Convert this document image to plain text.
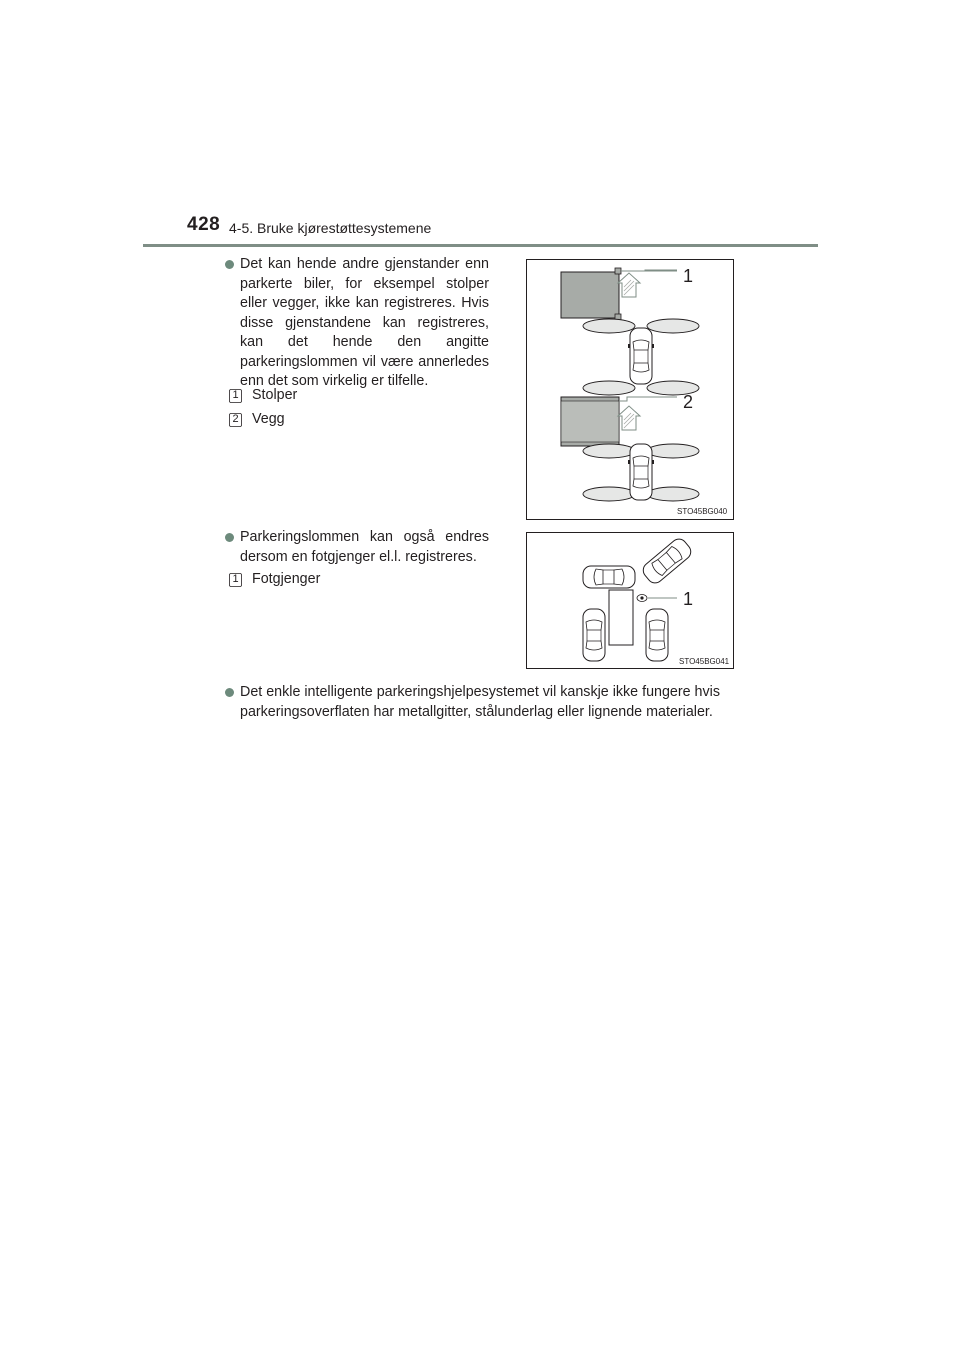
428 4-5. Bruke kjørestøttesystemene

Det kan hende andre gjenstander enn parkerte biler, for eksempel stolper eller vegger, ikke kan registreres. Hvis disse gjenstandene kan registreres, kan det hende den angitte parkeringslommen vil være annerledes enn det som virkelig er tilfelle.

1 Stolper
2 Vegg
1
2
STO45BG040

Parkeringslommen kan også endres dersom en fotgjenger el.l. registreres.

1 Fotgjenger
1
STO45BG041

Det enkle intelligente parkeringshjelpesystemet vil kanskje ikke fungere hvis parkeringsoverflaten har metallgitter, stålunderlag eller lignende materialer.
